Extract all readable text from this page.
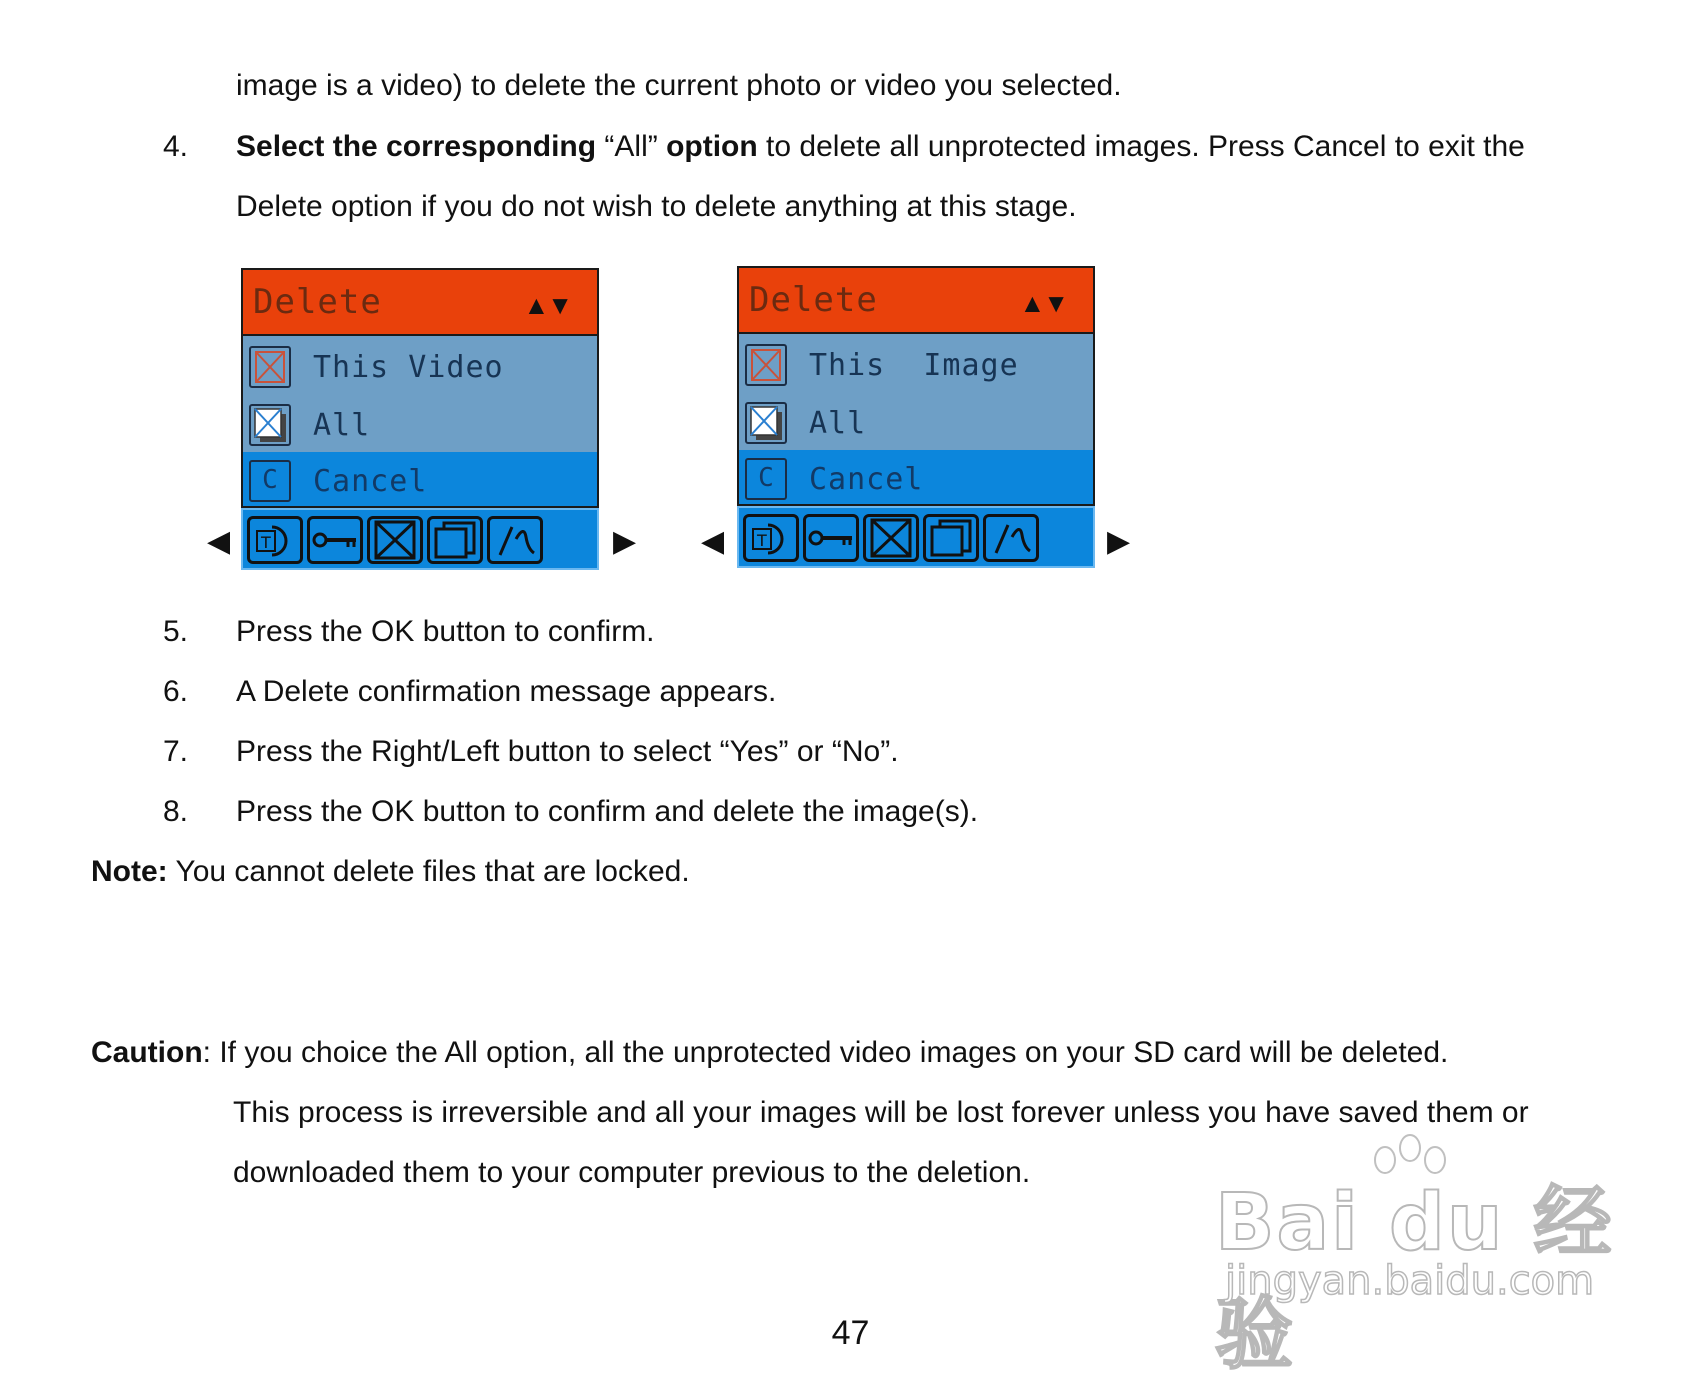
image is a video) to delete the current photo or video you selected.
4. Select the corresponding “All” option to delete all unprotected images. Press Cancel to exit the
Delete option if you do not wish to delete anything at this stage.
Delete	▲▼
This Video
All
C	Cancel
T
◀	▶
Delete	▲▼
This  Image
All
C	Cancel
T
◀	▶
5. Press the OK button to confirm.
6. A Delete confirmation message appears.
7. Press the Right/Left button to select “Yes” or “No”.
8. Press the OK button to confirm and delete the image(s).
Note: You cannot delete files that are locked.
Caution: If you choice the All option, all the unprotected video images on your SD card will be deleted.
This process is irreversible and all your images will be lost forever unless you have saved them or
downloaded them to your computer previous to the deletion.
Bai du 经验
jingyan.baidu.com
47
